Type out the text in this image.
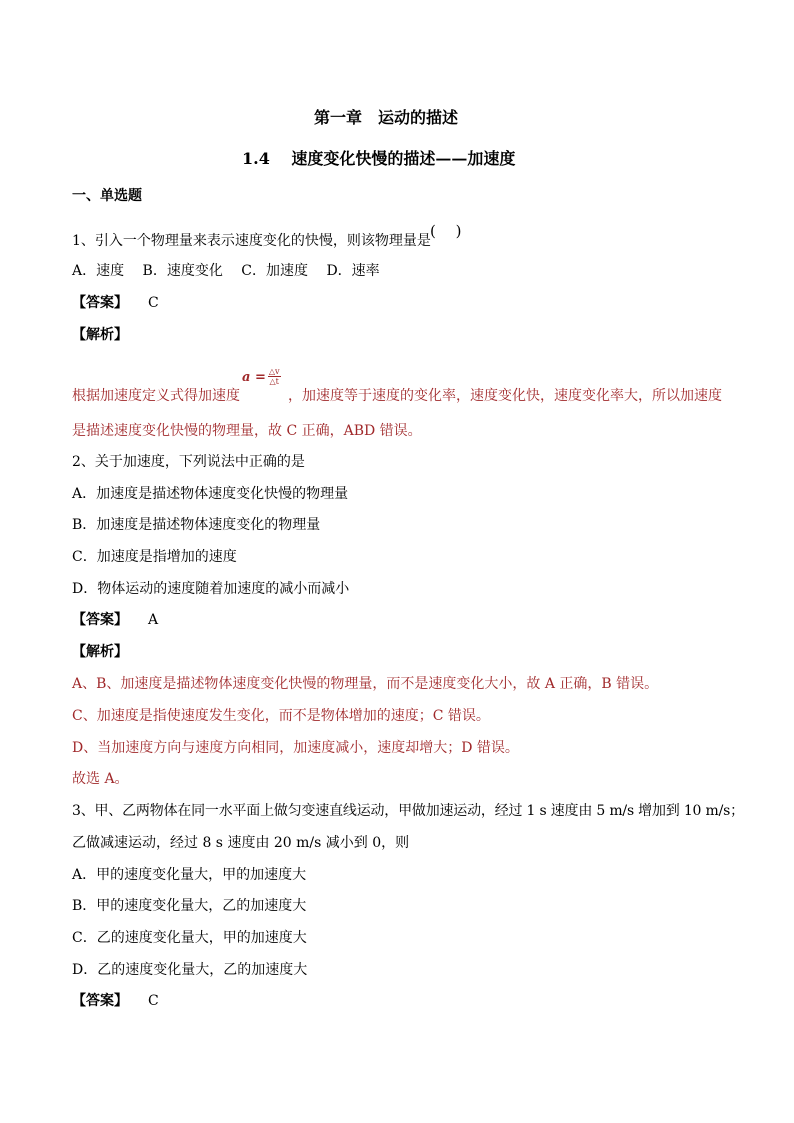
第一章　运动的描述
1.4　 速度变化快慢的描述——加速度
一、单选题
1、引入一个物理量来表示速度变化的快慢，则该物理量是
(　 )
A．速度　 B．速度变化　 C．加速度　 D．速率
【答案】 C
【解析】
根据加速度定义式得加速度
$a = \frac{\triangle v}{\triangle t}$
，加速度等于速度的变化率，速度变化快，速度变化率大，所以加速度
是描述速度变化快慢的物理量，故 C 正确，ABD 错误。
2、关于加速度，下列说法中正确的是
A．加速度是描述物体速度变化快慢的物理量
B．加速度是描述物体速度变化的物理量
C．加速度是指增加的速度
D．物体运动的速度随着加速度的减小而减小
【答案】 A
【解析】
A、B、加速度是描述物体速度变化快慢的物理量，而不是速度变化大小，故 A 正确，B 错误。
C、加速度是指使速度发生变化，而不是物体增加的速度；C 错误。
D、当加速度方向与速度方向相同，加速度减小，速度却增大；D 错误。
故选 A。
3、甲、乙两物体在同一水平面上做匀变速直线运动，甲做加速运动，经过 1 s 速度由 5 m/s 增加到 10 m/s；
乙做减速运动，经过 8 s 速度由 20 m/s 减小到 0，则
A．甲的速度变化量大，甲的加速度大
B．甲的速度变化量大，乙的加速度大
C．乙的速度变化量大，甲的加速度大
D．乙的速度变化量大，乙的加速度大
【答案】 C
